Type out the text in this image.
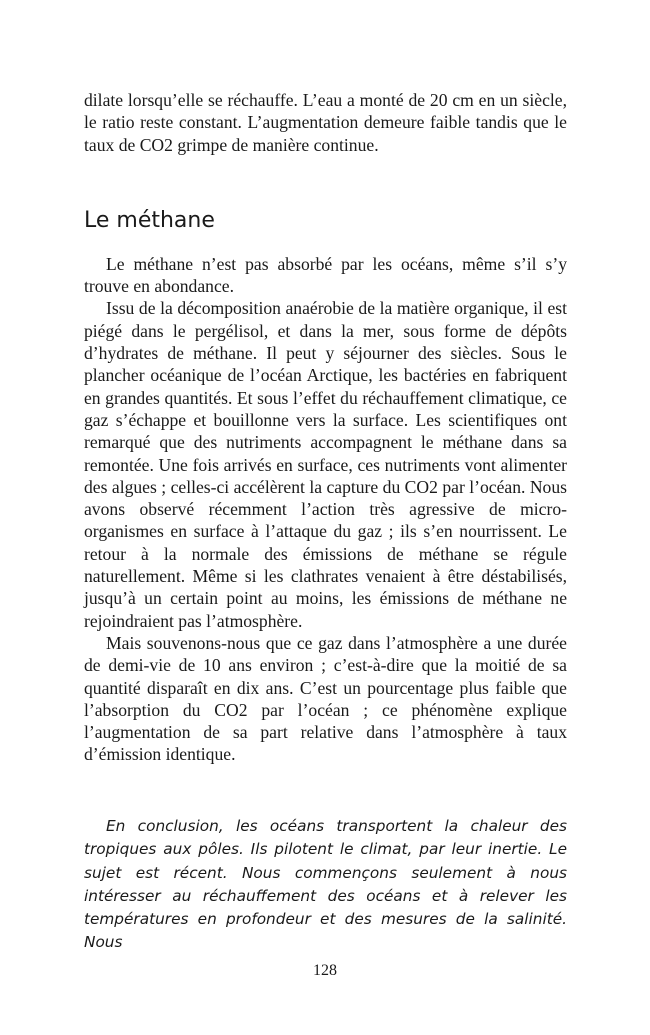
dilate lorsqu’elle se réchauffe. L’eau a monté de 20 cm en un siècle, le ratio reste constant. L’augmentation demeure faible tandis que le taux de CO2 grimpe de manière continue.

Le méthane

Le méthane n’est pas absorbé par les océans, même s’il s’y trouve en abondance.

Issu de la décomposition anaérobie de la matière organique, il est piégé dans le pergélisol, et dans la mer, sous forme de dépôts d’hydrates de méthane. Il peut y séjourner des siècles. Sous le plancher océanique de l’océan Arctique, les bactéries en fabriquent en grandes quantités. Et sous l’effet du réchauffement climatique, ce gaz s’échappe et bouillonne vers la surface. Les scientifiques ont remarqué que des nutriments accompagnent le méthane dans sa remontée. Une fois arrivés en surface, ces nutriments vont alimenter des algues ; celles-ci accélèrent la capture du CO2 par l’océan. Nous avons observé récemment l’action très agressive de micro-organismes en surface à l’attaque du gaz ; ils s’en nourrissent. Le retour à la normale des émissions de méthane se régule naturellement. Même si les clathrates venaient à être déstabilisés, jusqu’à un certain point au moins, les émissions de méthane ne rejoindraient pas l’atmosphère.

Mais souvenons-nous que ce gaz dans l’atmosphère a une durée de demi-vie de 10 ans environ ; c’est-à-dire que la moitié de sa quantité disparaît en dix ans. C’est un pourcentage plus faible que l’absorption du CO2 par l’océan ; ce phénomène explique l’augmentation de sa part relative dans l’atmosphère à taux d’émission identique.

En conclusion, les océans transportent la chaleur des tropiques aux pôles. Ils pilotent le climat, par leur inertie. Le sujet est récent. Nous commençons seulement à nous intéresser au réchauffement des océans et à relever les températures en profondeur et des mesures de la salinité. Nous

128
